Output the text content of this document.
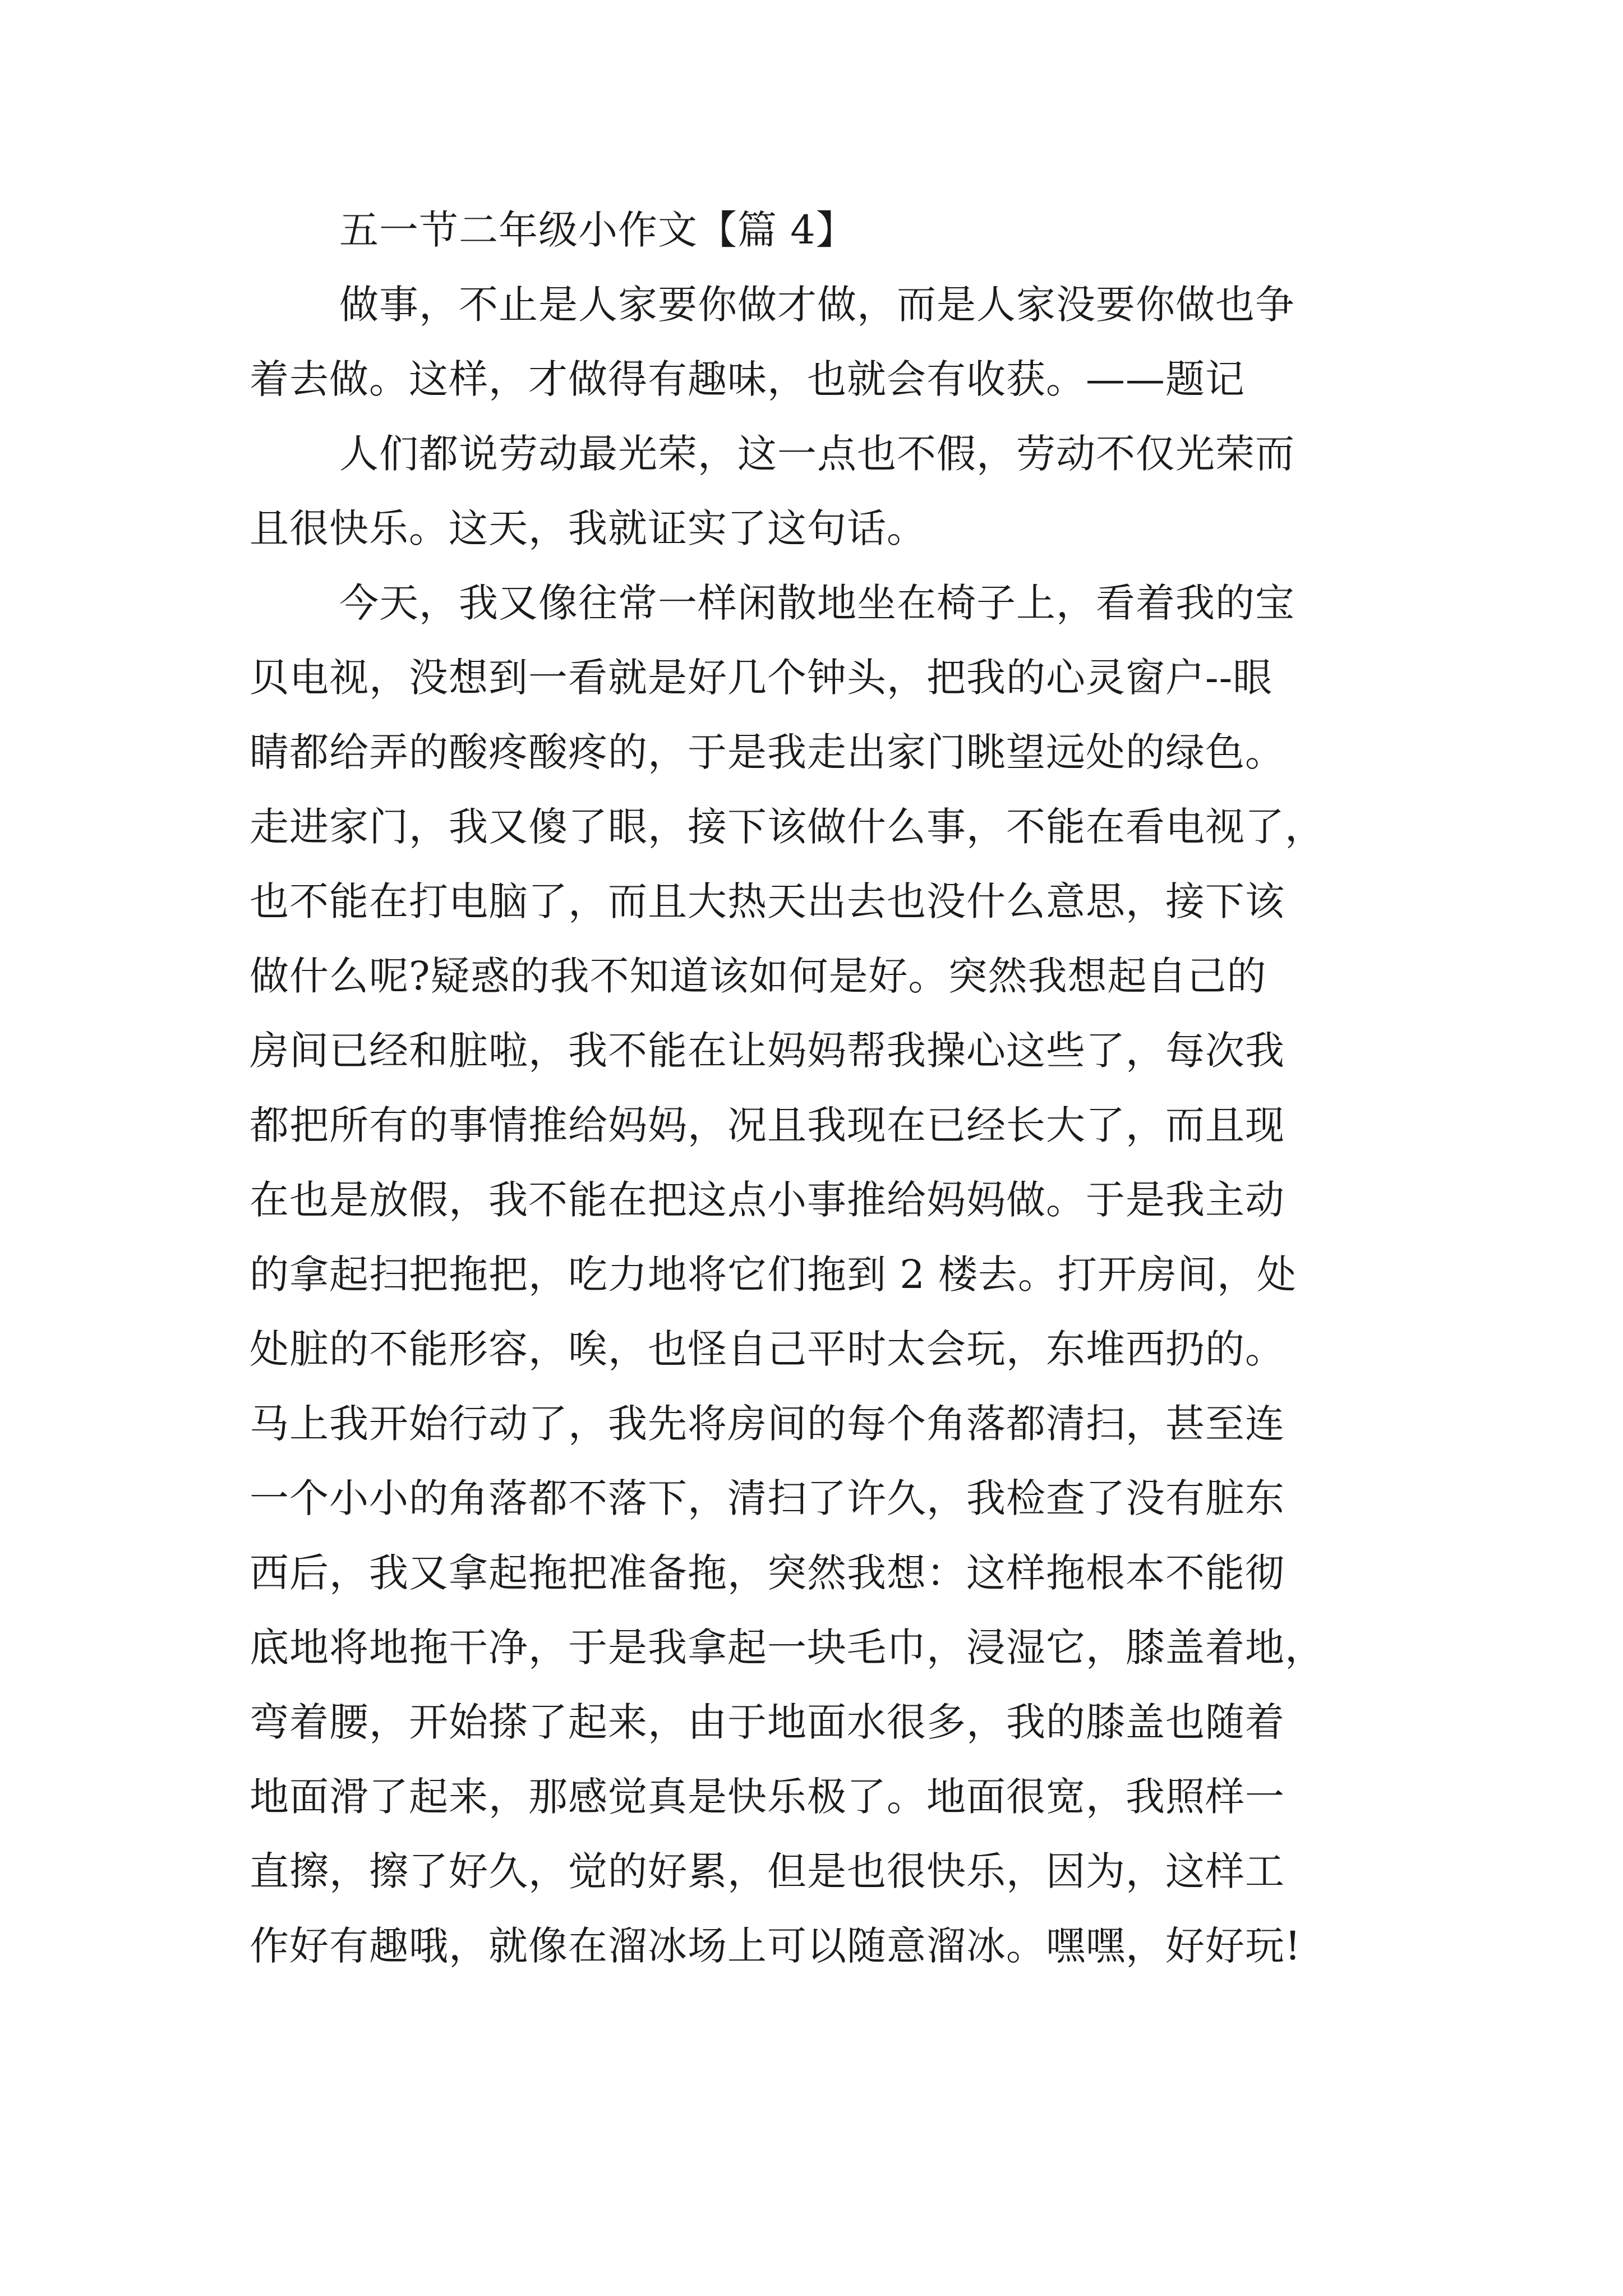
五一节二年级小作文【篇 4】
做事，不止是人家要你做才做，而是人家没要你做也争
着去做。这样，才做得有趣味，也就会有收获。——题记
人们都说劳动最光荣，这一点也不假，劳动不仅光荣而
且很快乐。这天，我就证实了这句话。
今天，我又像往常一样闲散地坐在椅子上，看着我的宝
贝电视，没想到一看就是好几个钟头，把我的心灵窗户--眼
睛都给弄的酸疼酸疼的，于是我走出家门眺望远处的绿色。
走进家门，我又傻了眼，接下该做什么事，不能在看电视了，
也不能在打电脑了，而且大热天出去也没什么意思，接下该
做什么呢?疑惑的我不知道该如何是好。突然我想起自己的
房间已经和脏啦，我不能在让妈妈帮我操心这些了，每次我
都把所有的事情推给妈妈，况且我现在已经长大了，而且现
在也是放假，我不能在把这点小事推给妈妈做。于是我主动
的拿起扫把拖把，吃力地将它们拖到 2 楼去。打开房间，处
处脏的不能形容，唉，也怪自己平时太会玩，东堆西扔的。
马上我开始行动了，我先将房间的每个角落都清扫，甚至连
一个小小的角落都不落下，清扫了许久，我检查了没有脏东
西后，我又拿起拖把准备拖，突然我想：这样拖根本不能彻
底地将地拖干净，于是我拿起一块毛巾，浸湿它，膝盖着地，
弯着腰，开始搽了起来，由于地面水很多，我的膝盖也随着
地面滑了起来，那感觉真是快乐极了。地面很宽，我照样一
直擦，擦了好久，觉的好累，但是也很快乐，因为，这样工
作好有趣哦，就像在溜冰场上可以随意溜冰。嘿嘿，好好玩!
